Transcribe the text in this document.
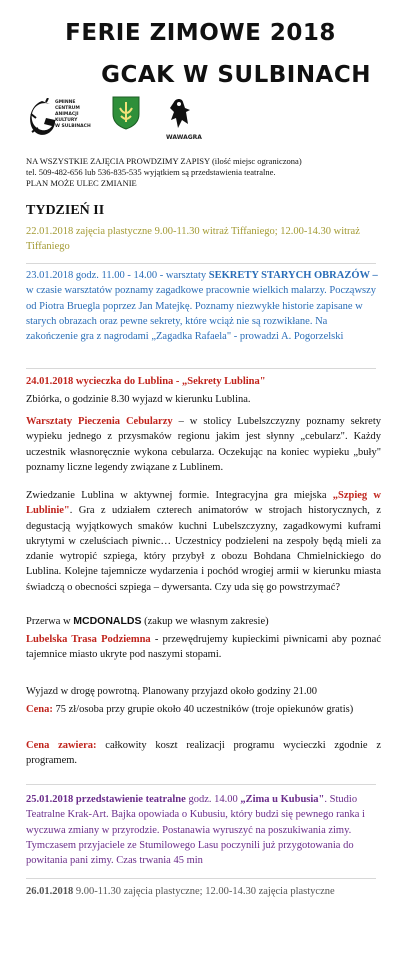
FERIE ZIMOWE 2018
GCAK W SULBINACH
GMINNE
CENTRUM
ANIMACJI
KULTURY
W SULBINACH
WAWAGRA
NA WSZYSTKIE ZAJĘCIA PROWDZIMY ZAPISY (ilość miejsc ograniczona)
tel. 509-482-656 lub 536-835-535 wyjątkiem są przedstawienia teatralne.
PLAN MOŻE ULEC ZMIANIE
TYDZIEŃ II
22.01.2018 zajęcia plastyczne 9.00-11.30 witraż Tiffaniego; 12.00-14.30 witraż Tiffaniego
23.01.2018 godz. 11.00 - 14.00 - warsztaty SEKRETY STARYCH OBRAZÓW – w czasie warsztatów poznamy zagadkowe pracownie wielkich malarzy. Począwszy od Piotra Bruegla poprzez Jan Matejkę. Poznamy niezwykłe historie zapisane w starych obrazach oraz pewne sekrety, które wciąż nie są rozwikłane. Na zakończenie gra z nagrodami „Zagadka Rafaela" - prowadzi A. Pogorzelski
24.01.2018 wycieczka do Lublina - „Sekrety Lublina"
Zbiórka, o godzinie 8.30 wyjazd w kierunku Lublina.
Warsztaty Pieczenia Cebularzy – w stolicy Lubelszczyzny poznamy sekrety wypieku jednego z przysmaków regionu jakim jest słynny „cebularz". Każdy uczestnik własnoręcznie wykona cebularza. Oczekując na koniec wypieku „buły" poznamy liczne legendy związane z Lublinem.
Zwiedzanie Lublina w aktywnej formie. Integracyjna gra miejska „Szpieg w Lublinie". Gra z udziałem czterech animatorów w strojach historycznych, z degustacją wyjątkowych smaków kuchni Lubelszczyzny, zagadkowymi kuframi ukrytymi w czeluściach piwnic… Uczestnicy podzieleni na zespoły będą mieli za zdanie wytropić szpiega, który przybył z obozu Bohdana Chmielnickiego do Lublina. Kolejne tajemnicze wydarzenia i pochód wrogiej armii w kierunku miasta świadczą o obecności szpiega – dywersanta. Czy uda się go powstrzymać?
Przerwa w MCDONALDS (zakup we własnym zakresie)
Lubelska Trasa Podziemna - przewędrujemy kupieckimi piwnicami aby poznać tajemnice miasto ukryte pod naszymi stopami.
Wyjazd w drogę powrotną. Planowany przyjazd około godziny 21.00
Cena: 75 zł/osoba przy grupie około 40 uczestników (troje opiekunów gratis)
Cena zawiera: całkowity koszt realizacji programu wycieczki zgodnie z programem.
25.01.2018 przedstawienie teatralne godz. 14.00 „Zima u Kubusia". Studio Teatralne Krak-Art. Bajka opowiada o Kubusiu, który budzi się pewnego ranka i wyczuwa zmiany w przyrodzie. Postanawia wyruszyć na poszukiwania zimy. Tymczasem przyjaciele ze Stumilowego Lasu poczynili już przygotowania do powitania pani zimy. Czas trwania 45 min
26.01.2018 9.00-11.30 zajęcia plastyczne; 12.00-14.30 zajęcia plastyczne
